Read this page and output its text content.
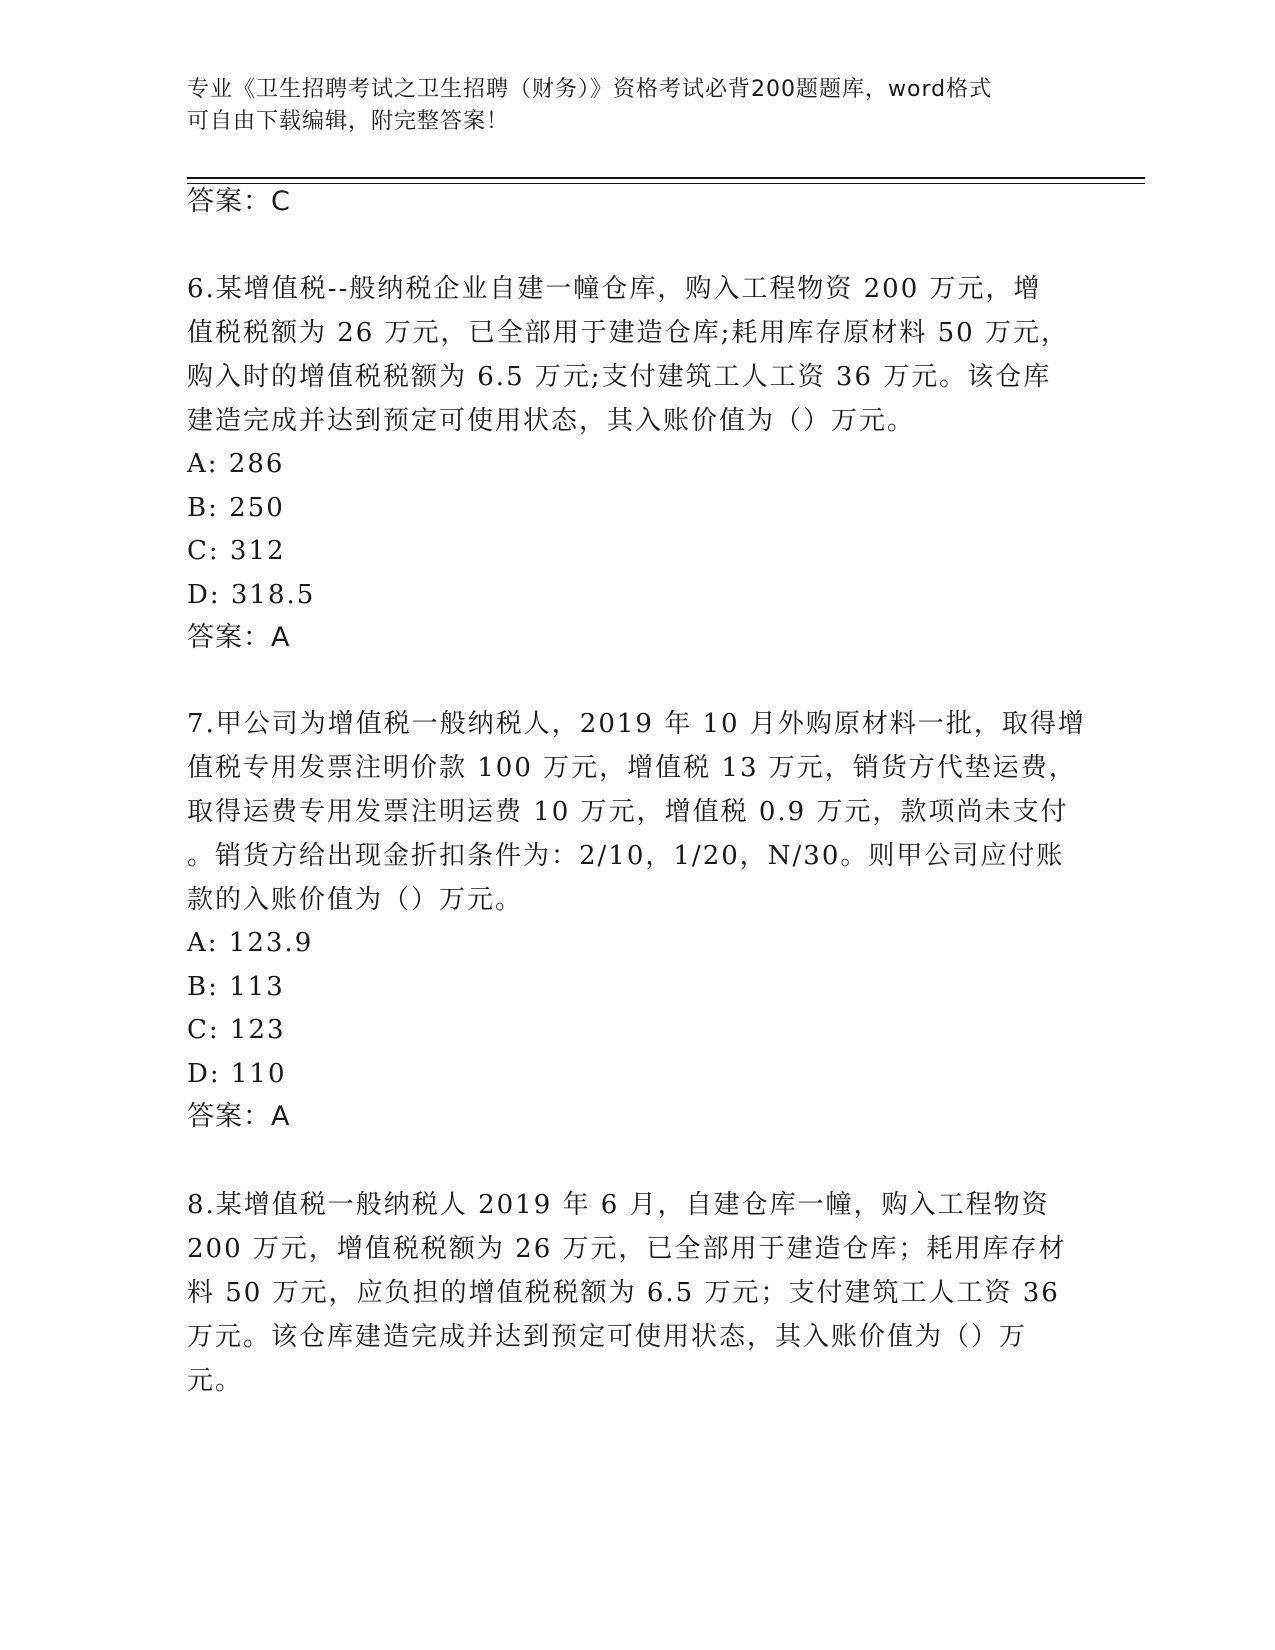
专业《卫生招聘考试之卫生招聘（财务）》资格考试必背200题题库，word格式
可自由下载编辑，附完整答案！
答案：C
6.某增值税--般纳税企业自建一幢仓库，购入工程物资 200 万元，增
值税税额为 26 万元，已全部用于建造仓库;耗用库存原材料 50 万元，
购入时的增值税税额为 6.5 万元;支付建筑工人工资 36 万元。该仓库
建造完成并达到预定可使用状态，其入账价值为（）万元。
A: 286
B: 250
C: 312
D: 318.5
答案：A
7.甲公司为增值税一般纳税人，2019 年 10 月外购原材料一批，取得增
值税专用发票注明价款 100 万元，增值税 13 万元，销货方代垫运费，
取得运费专用发票注明运费 10 万元，增值税 0.9 万元，款项尚未支付
。销货方给出现金折扣条件为：2/10，1/20，N/30。则甲公司应付账
款的入账价值为（）万元。
A: 123.9
B: 113
C: 123
D: 110
答案：A
8.某增值税一般纳税人 2019 年 6 月，自建仓库一幢，购入工程物资
200 万元，增值税税额为 26 万元，已全部用于建造仓库；耗用库存材
料 50 万元，应负担的增值税税额为 6.5 万元；支付建筑工人工资 36
万元。该仓库建造完成并达到预定可使用状态，其入账价值为（）万
元。
